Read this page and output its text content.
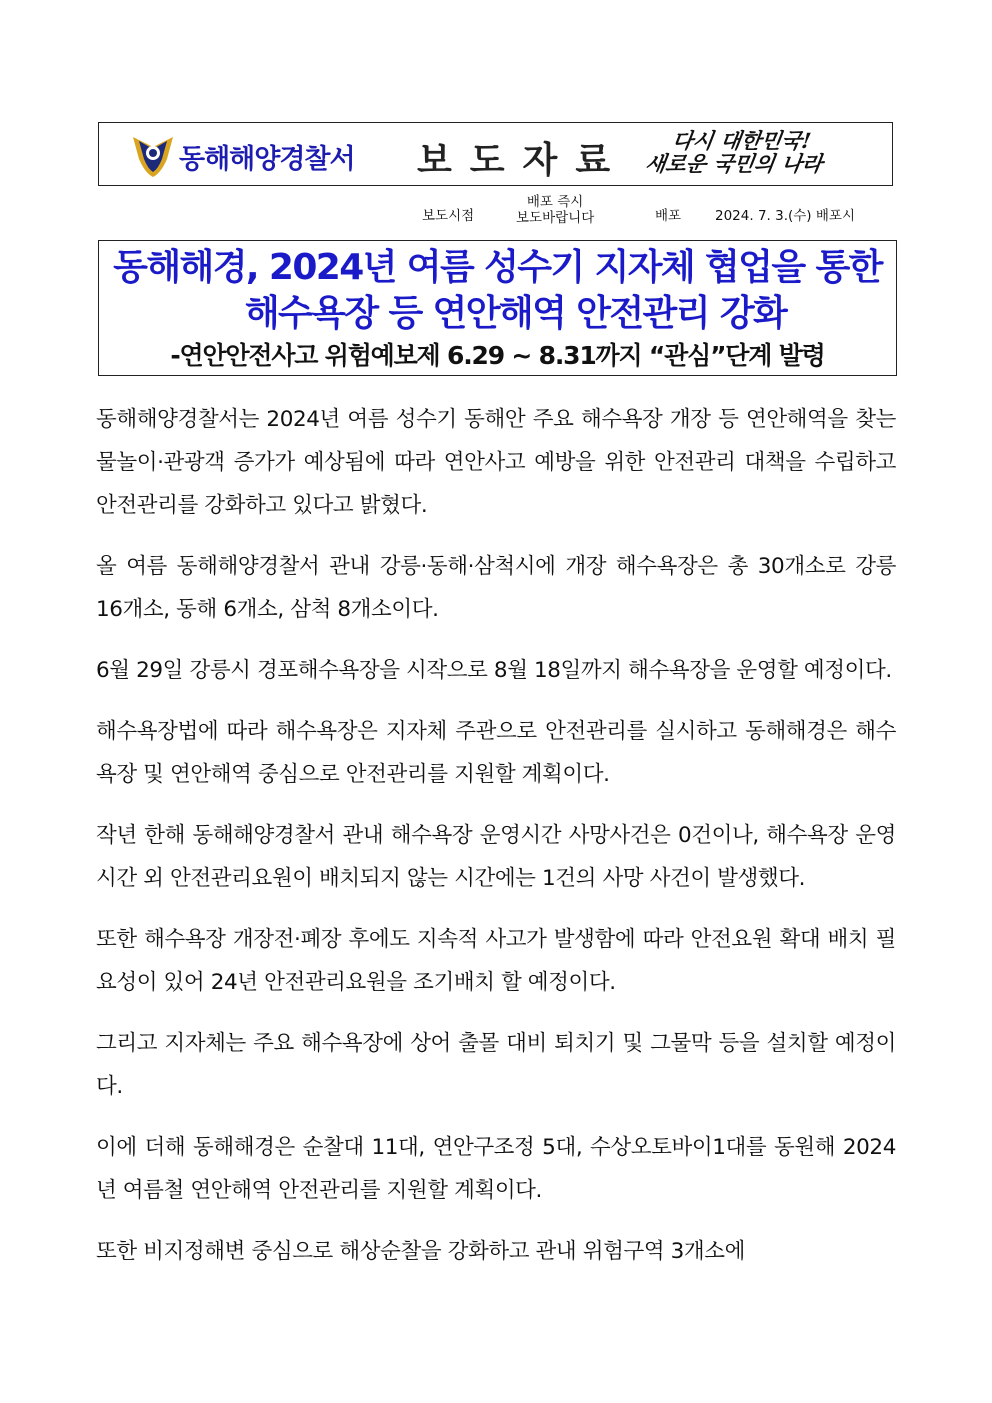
동해해양경찰서 보도자료	다시 대한민국!
새로운 국민의 나라
보도시점
배포 즉시
보도바랍니다	배포	2024. 7. 3.(수) 배포시
동해해경, 2024년 여름 성수기 지자체 협업을 통한
해수욕장 등 연안해역 안전관리 강화
-연안안전사고 위험예보제 6.29 ~ 8.31까지 “관심”단계 발령

동해해양경찰서는 2024년 여름 성수기 동해안 주요 해수욕장 개장 등 연안해역을 찾는 물놀이·관광객 증가가 예상됨에 따라 연안사고 예방을 위한 안전관리 대책을 수립하고 안전관리를 강화하고 있다고 밝혔다.

올 여름 동해해양경찰서 관내 강릉·동해·삼척시에 개장 해수욕장은 총 30개소로 강릉 16개소, 동해 6개소, 삼척 8개소이다.

6월 29일 강릉시 경포해수욕장을 시작으로 8월 18일까지 해수욕장을 운영할 예정이다.

해수욕장법에 따라 해수욕장은 지자체 주관으로 안전관리를 실시하고 동해해경은 해수욕장 및 연안해역 중심으로 안전관리를 지원할 계획이다.

작년 한해 동해해양경찰서 관내 해수욕장 운영시간 사망사건은 0건이나, 해수욕장 운영시간 외 안전관리요원이 배치되지 않는 시간에는 1건의 사망 사건이 발생했다.

또한 해수욕장 개장전·폐장 후에도 지속적 사고가 발생함에 따라 안전요원 확대 배치 필요성이 있어 24년 안전관리요원을 조기배치 할 예정이다.

그리고 지자체는 주요 해수욕장에 상어 출몰 대비 퇴치기 및 그물막 등을 설치할 예정이다.

이에 더해 동해해경은 순찰대 11대, 연안구조정 5대, 수상오토바이1대를 동원해 2024년 여름철 연안해역 안전관리를 지원할 계획이다.

또한 비지정해변 중심으로 해상순찰을 강화하고 관내 위험구역 3개소에
